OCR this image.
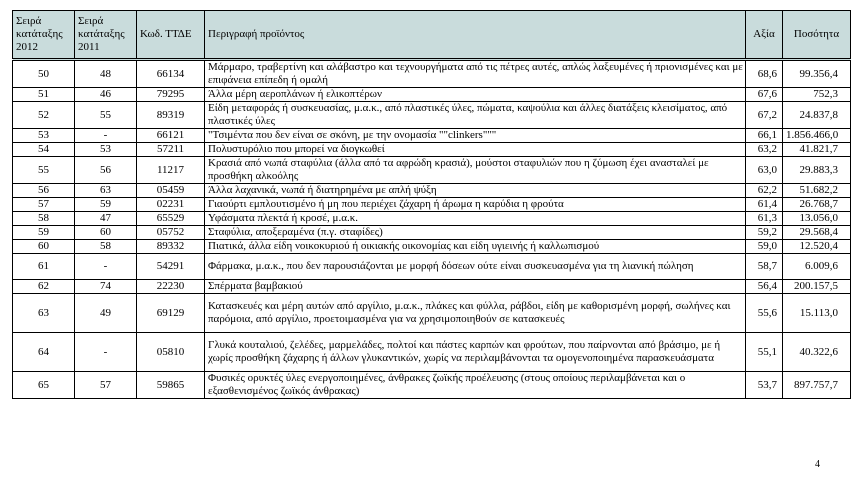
Σειρά κατάταξης 2012	Σειρά κατάταξης 2011	Κωδ. ΤΤΔΕ	Περιγραφή προϊόντος	Αξία	Ποσότητα
50	48	66134	Μάρμαρο, τραβερτίνη και αλάβαστρο και τεχνουργήματα από τις πέτρες αυτές, απλώς λαξευμένες ή πριονισμένες και με επιφάνεια επίπεδη ή ομαλή	68,6	99.356,4
51	46	79295	Άλλα μέρη αεροπλάνων ή ελικοπτέρων	67,6	752,3
52	55	89319	Είδη μεταφοράς ή συσκευασίας, μ.α.κ., από πλαστικές ύλες, πώματα, καψούλια και άλλες διατάξεις κλεισίματος, από πλαστικές ύλες	67,2	24.837,8
53	-	66121	"Τσιμέντα που δεν είναι σε σκόνη, με την ονομασία ""clinkers"""	66,1	1.856.466,0
54	53	57211	Πολυστυρόλιο που μπορεί να διογκωθεί	63,2	41.821,7
55	56	11217	Κρασιά από νωπά σταφύλια (άλλα από τα αφρώδη κρασιά), μούστοι σταφυλιών που η ζύμωση έχει ανασταλεί με προσθήκη αλκοόλης	63,0	29.883,3
56	63	05459	Άλλα λαχανικά, νωπά ή διατηρημένα με απλή ψύξη	62,2	51.682,2
57	59	02231	Γιαούρτι εμπλουτισμένο ή μη που περιέχει ζάχαρη ή άρωμα η καρύδια η φρούτα	61,4	26.768,7
58	47	65529	Υφάσματα πλεκτά ή κροσέ, μ.α.κ.	61,3	13.056,0
59	60	05752	Σταφύλια, αποξεραμένα (π.γ. σταφίδες)	59,2	29.568,4
60	58	89332	Πιατικά, άλλα είδη νοικοκυριού ή οικιακής οικονομίας και είδη υγιεινής ή καλλωπισμού	59,0	12.520,4
61	-	54291	Φάρμακα, μ.α.κ., που δεν παρουσιάζονται με μορφή δόσεων ούτε είναι συσκευασμένα για τη λιανική πώληση	58,7	6.009,6
62	74	22230	Σπέρματα βαμβακιού	56,4	200.157,5
63	49	69129	Κατασκευές και μέρη αυτών από αργίλιο, μ.α.κ., πλάκες και φύλλα, ράβδοι, είδη με καθορισμένη μορφή, σωλήνες και παρόμοια, από αργίλιο, προετοιμασμένα για να χρησιμοποιηθούν σε κατασκευές	55,6	15.113,0
64	-	05810	Γλυκά κουταλιού, ζελέδες, μαρμελάδες, πολτοί και πάστες καρπών και φρούτων, που παίρνονται από βράσιμο, με ή χωρίς προσθήκη ζάχαρης ή άλλων γλυκαντικών, χωρίς να περιλαμβάνονται τα ομογενοποιημένα παρασκευάσματα	55,1	40.322,6
65	57	59865	Φυσικές ορυκτές ύλες ενεργοποιημένες, άνθρακες ζωϊκής προέλευσης (στους οποίους περιλαμβάνεται και ο εξασθενισμένος ζωϊκός άνθρακας)	53,7	897.757,7
4
